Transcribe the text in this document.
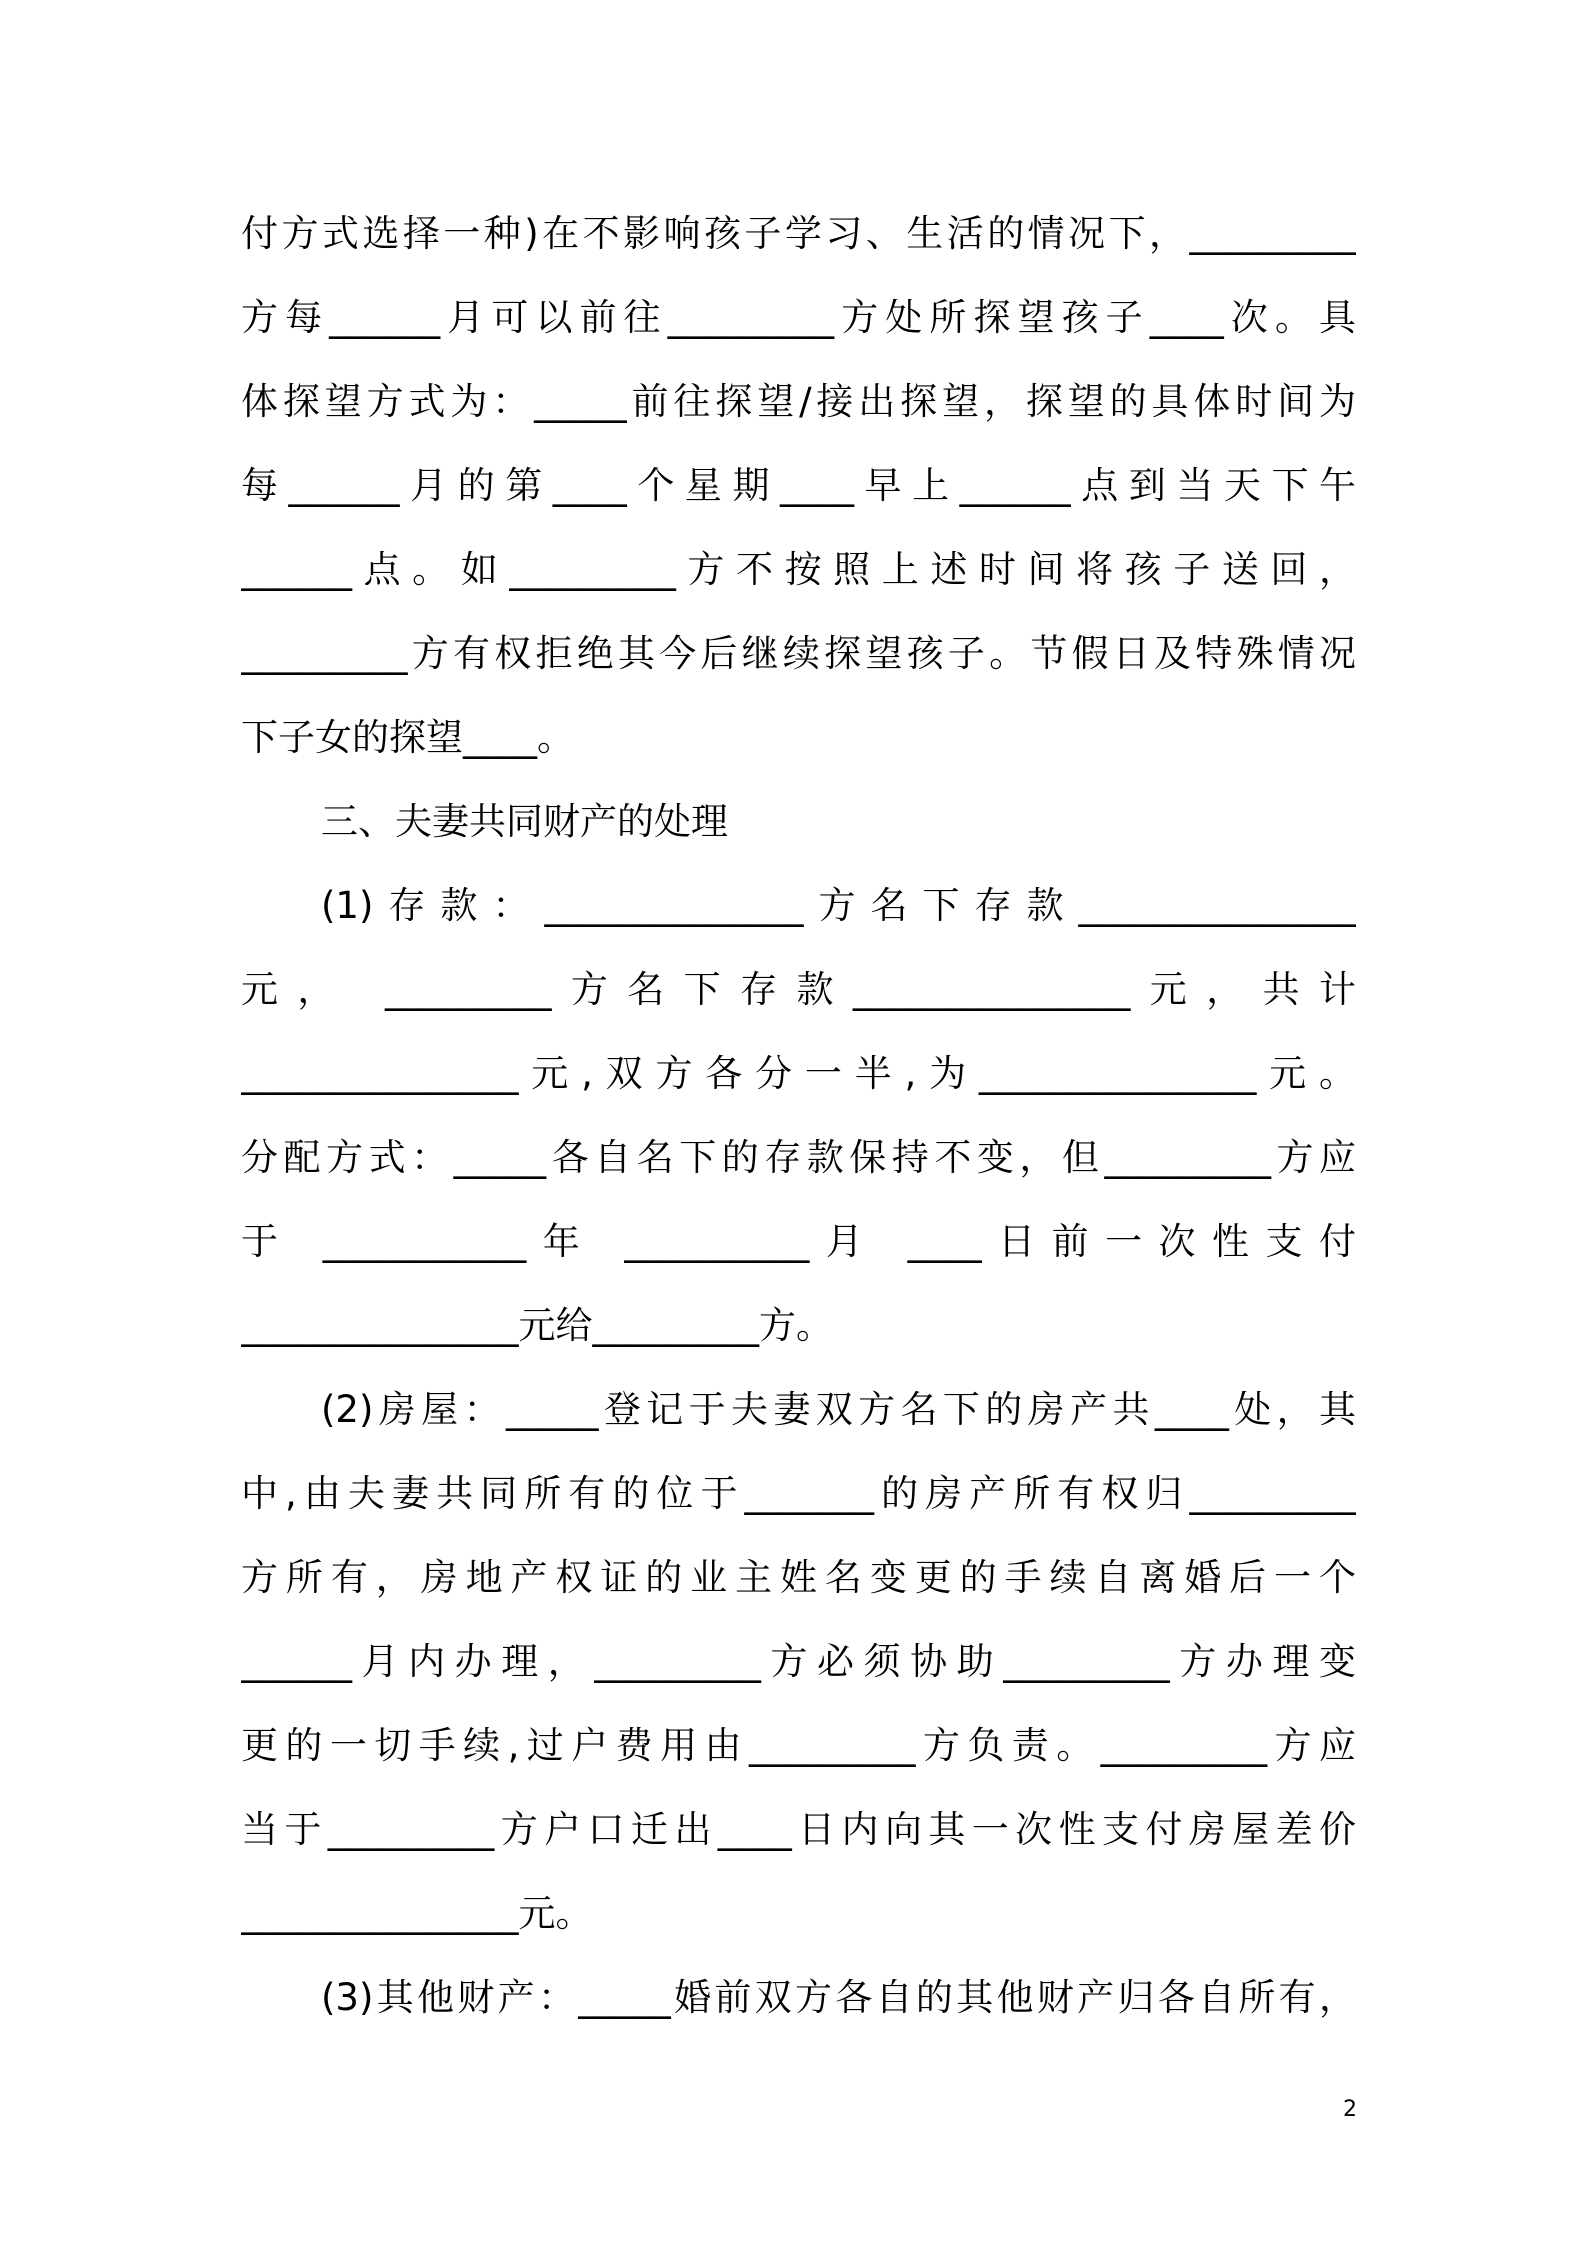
付方式选择一种)在不影响孩子学习、生活的情况下，_________
方每______月可以前往_________方处所探望孩子____次。具
体探望方式为：_____前往探望/接出探望，探望的具体时间为
每______月的第____个星期____早上______点到当天下午
______点。如_________方不按照上述时间将孩子送回，
_________方有权拒绝其今后继续探望孩子。节假日及特殊情况
下子女的探望____。
三、夫妻共同财产的处理
(1)存款：______________方名下存款_______________
元， _________方名下存款_______________元，共计
_______________元,双方各分一半,为_______________元。
分配方式：_____各自名下的存款保持不变，但_________方应
于 ___________年 __________月 ____日前一次性支付
_______________元给_________方。
(2)房屋：_____登记于夫妻双方名下的房产共____处，其
中,由夫妻共同所有的位于_______的房产所有权归_________
方所有，房地产权证的业主姓名变更的手续自离婚后一个
______月内办理，_________方必须协助_________方办理变
更的一切手续,过户费用由_________方负责。_________方应
当于_________方户口迁出____日内向其一次性支付房屋差价
_______________元。
(3)其他财产：_____婚前双方各自的其他财产归各自所有，
2
